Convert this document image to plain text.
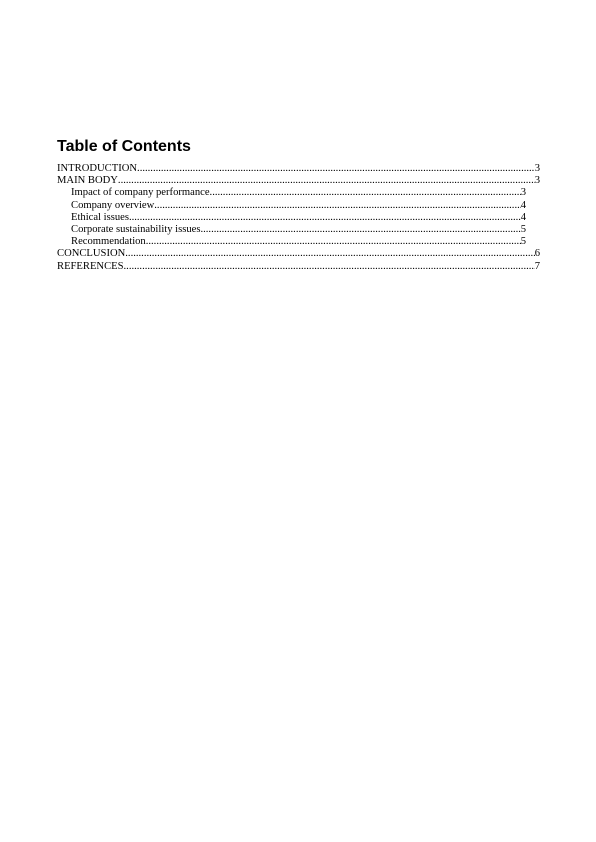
Table of Contents
INTRODUCTION .....	3
MAIN BODY .....	3
Impact of company performance .....	3
Company overview .....	4
Ethical issues .....	4
Corporate sustainability issues .....	5
Recommendation .....	5
CONCLUSION .....	6
REFERENCES .....	7
